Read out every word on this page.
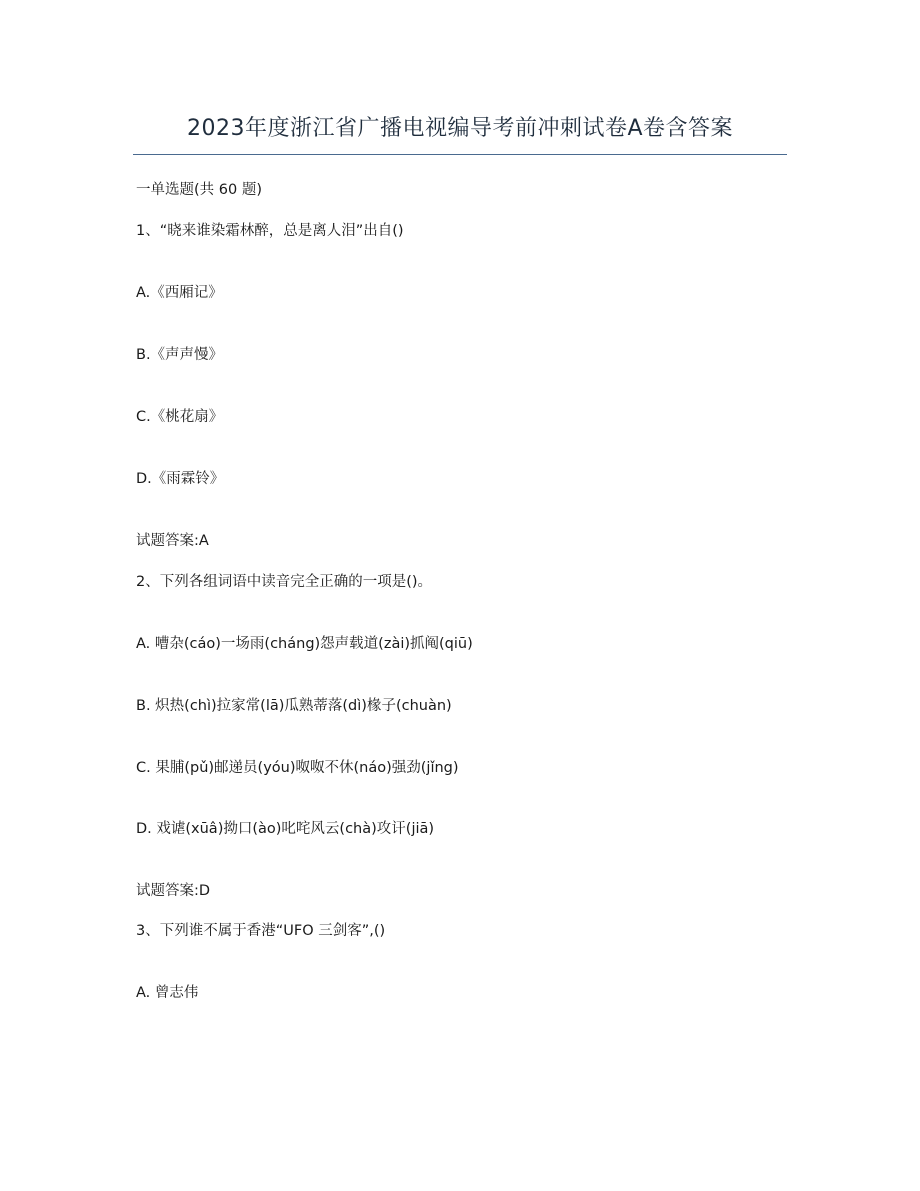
2023年度浙江省广播电视编导考前冲刺试卷A卷含答案
一单选题(共 60 题)
1、“晓来谁染霜林醉，总是离人泪”出自()
A.《西厢记》
B.《声声慢》
C.《桃花扇》
D.《雨霖铃》
试题答案:A
2、下列各组词语中读音完全正确的一项是()。
A. 嘈杂(cáo)一场雨(cháng)怨声载道(zài)抓阄(qiū)
B. 炽热(chì)拉家常(lā)瓜熟蒂落(dì)椽子(chuàn)
C. 果脯(pǔ)邮递员(yóu)呶呶不休(náo)强劲(jǐng)
D. 戏谑(xūâ)拗口(ào)叱咤风云(chà)攻讦(jiā)
试题答案:D
3、下列谁不属于香港“UFO 三剑客”,()
A. 曾志伟
